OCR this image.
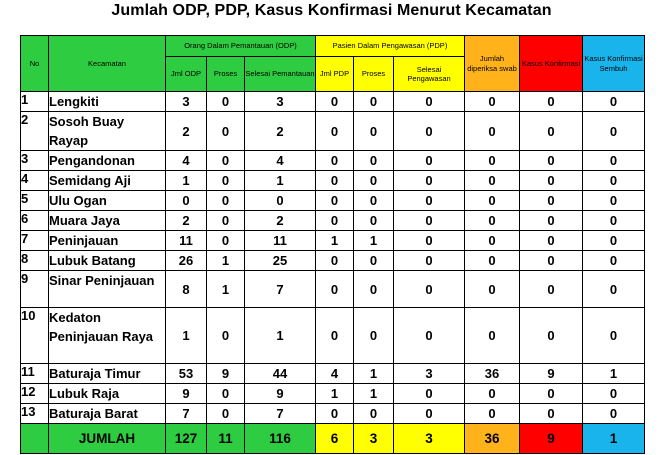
Jumlah ODP, PDP, Kasus Konfirmasi Menurut Kecamatan
No	Kecamatan	Orang Dalam Pemantauan (ODP)			Pasien Dalam Pengawasan (PDP)			Jumlah diperiksa swab	Kasus Konfirmasi	Kasus Konfirmasi Sembuh
		Jml ODP	Proses	Selesai Pemantauan	Jml PDP	Proses	Selesai Pengawasan			
1	Lengkiti	3	0	3	0	0	0	0	0	0
2	Sosoh Buay Rayap	2	0	2	0	0	0	0	0	0
3	Pengandonan	4	0	4	0	0	0	0	0	0
4	Semidang Aji	1	0	1	0	0	0	0	0	0
5	Ulu Ogan	0	0	0	0	0	0	0	0	0
6	Muara Jaya	2	0	2	0	0	0	0	0	0
7	Peninjauan	11	0	11	1	1	0	0	0	0
8	Lubuk Batang	26	1	25	0	0	0	0	0	0
9	Sinar Peninjauan	8	1	7	0	0	0	0	0	0
10	Kedaton Peninjauan Raya	1	0	1	0	0	0	0	0	0
11	Baturaja Timur	53	9	44	4	1	3	36	9	1
12	Lubuk Raja	9	0	9	1	1	0	0	0	0
13	Baturaja Barat	7	0	7	0	0	0	0	0	0
	JUMLAH	127	11	116	6	3	3	36	9	1
